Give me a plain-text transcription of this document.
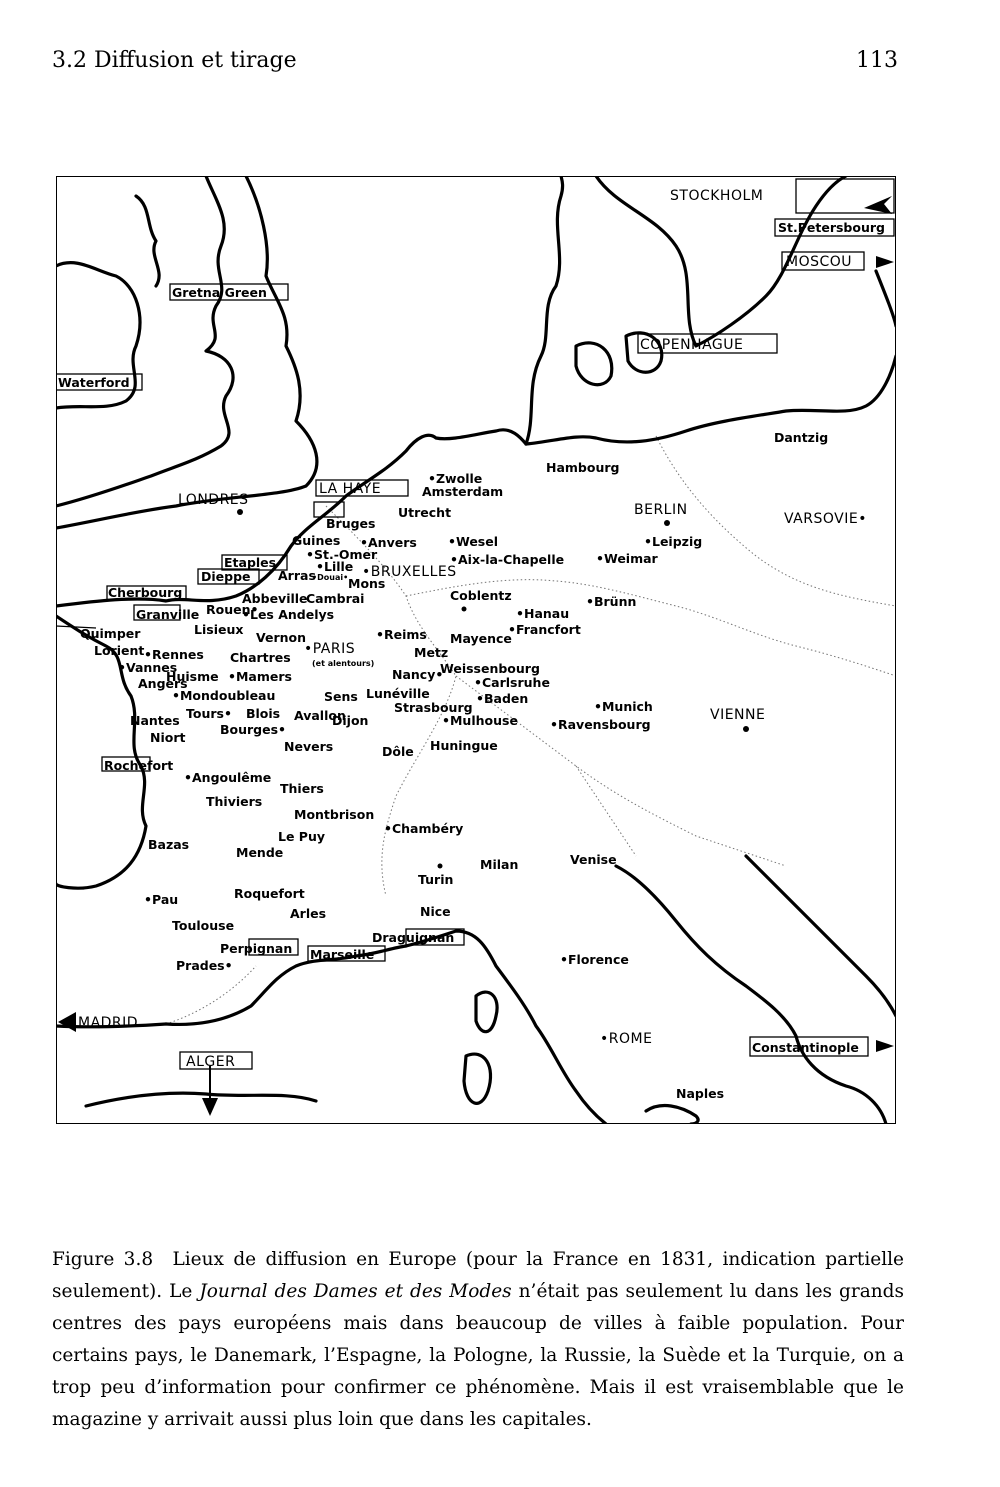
3.2 Diffusion et tirage	113
STOCKHOLM
St.Petersbourg
MOSCOU
COPENHAGUE
Gretna Green
Waterford
Dantzig
Hambourg
LONDRES
LA HAYE
•Zwolle
Amsterdam
Utrecht	BERLIN
VARSOVIE•
Bruges
Guines •Anvers •Wesel	•Leipzig
•St.-Omer	•Aix-la-Chapelle	•Weimar
Etaples	•Lille •BRUXELLES
Dieppe Arras
•Douai• Mons
Cherbourg	Abbeville
Cambrai	Coblentz	•Brünn
Granville Rouen•
•Les Andelys	•Hanau
Quimper	Lisieux
Vernon	•Reims Mayence
•Francfort
Lorient •Rennes Chartres
•PARIS
(et alentours)
Metz
•Vannes
Angers
Huisme •Mamers	Nancy•
Weissenbourg
•Carlsruhe
•Mondoubleau	Sens Lunéville	•Baden
Tours• Blois	Strasbourg	•Munich
VIENNE
Nantes	Avallon
Dijon	•Mulhouse	•Ravensbourg
Niort
Bourges•
Nevers	Dôle Huningue
Rochefort
•Angoulême
Thiers
Thiviers
Montbrison
•Chambéry
Le Puy
Bazas
Mende
Milan	Venise
Turin
•Pau	Roquefort
Arles	Nice
Toulouse
Draguignan
Perpignan Marseille	•Florence
Prades•
MADRID
•ROME
Constantinople
ALGER
Naples
Figure 3.8 Lieux de diffusion en Europe (pour la France en 1831, indication partielle seulement). Le Journal des Dames et des Modes n’était pas seulement lu dans les grands centres des pays européens mais dans beaucoup de villes à faible population. Pour certains pays, le Danemark, l’Espagne, la Pologne, la Russie, la Suède et la Turquie, on a trop peu d’information pour confirmer ce phénomène. Mais il est vraisemblable que le magazine y arrivait aussi plus loin que dans les capitales.
